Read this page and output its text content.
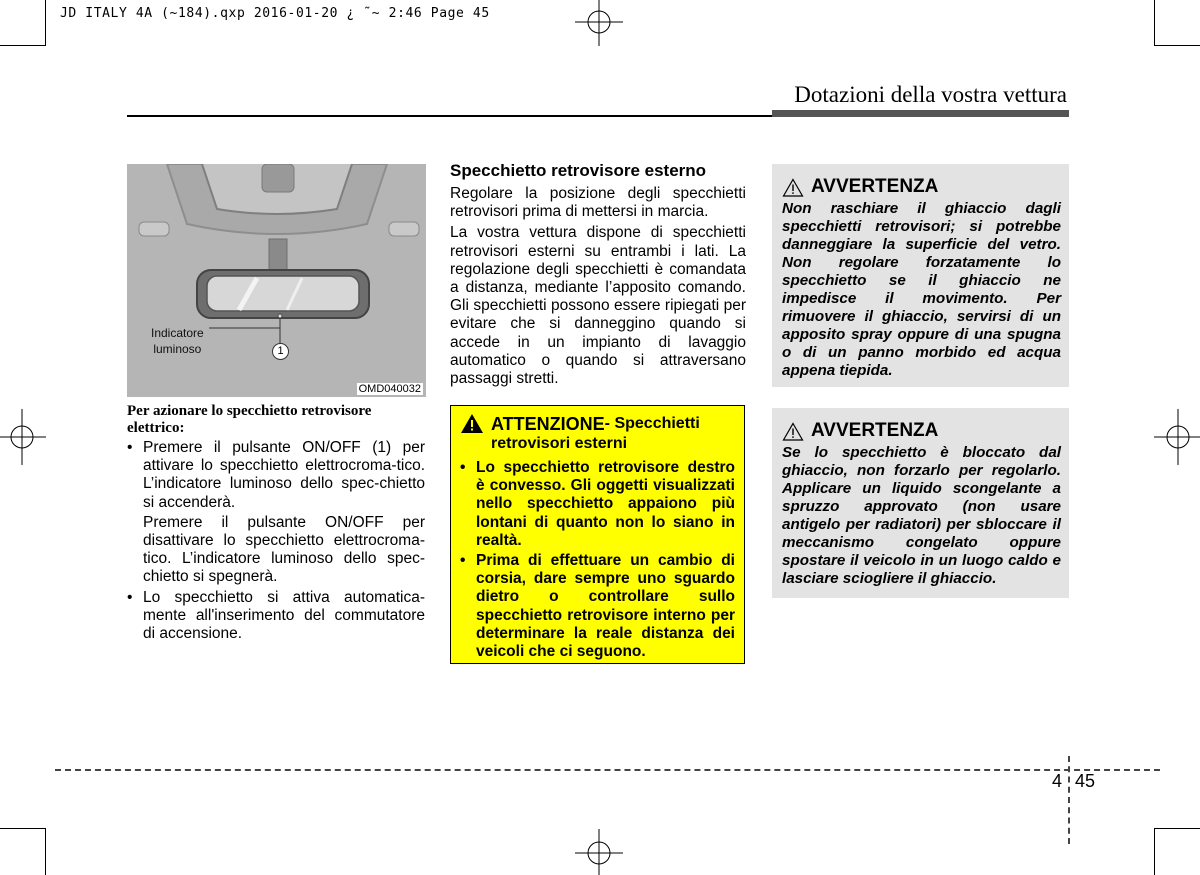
JD ITALY 4A (~184).qxp 2016-01-20 ¿ ˜~ 2:46 Page 45
Dotazioni della vostra vettura
Indicatore
luminoso	1
OMD040032
Per azionare lo specchietto retrovisore elettrico:
• Premere il pulsante ON/OFF (1) per attivare lo specchietto elettrocroma-tico. L’indicatore luminoso dello spec-chietto si accenderà.
Premere il pulsante ON/OFF per disattivare lo specchietto elettrocroma-tico. L’indicatore luminoso dello spec-chietto si spegnerà.
• Lo specchietto si attiva automatica-mente all'inserimento del commutatore di accensione.
Specchietto retrovisore esterno

Regolare la posizione degli specchietti retrovisori prima di mettersi in marcia.

La vostra vettura dispone di specchietti retrovisori esterni su entrambi i lati. La regolazione degli specchietti è comandata a distanza, mediante l’apposito comando. Gli specchietti possono essere ripiegati per evitare che si danneggino quando si accede in un impianto di lavaggio automatico o quando si attraversano passaggi stretti.

ATTENZIONE - Specchietti
retrovisori esterni
• Lo specchietto retrovisore destro è convesso. Gli oggetti visualizzati nello specchietto appaiono più lontani di quanto non lo siano in realtà.
• Prima di effettuare un cambio di corsia, dare sempre uno sguardo dietro o controllare sullo specchietto retrovisore interno per determinare la reale distanza dei veicoli che ci seguono.
AVVERTENZA
Non raschiare il ghiaccio dagli specchietti retrovisori; si potrebbe danneggiare la superficie del vetro. Non regolare forzatamente lo specchietto se il ghiaccio ne impedisce il movimento. Per rimuovere il ghiaccio, servirsi di un apposito spray oppure di una spugna o di un panno morbido ed acqua appena tiepida.
AVVERTENZA
Se lo specchietto è bloccato dal ghiaccio, non forzarlo per regolarlo. Applicare un liquido scongelante a spruzzo approvato (non usare antigelo per radiatori) per sbloccare il meccanismo congelato oppure spostare il veicolo in un luogo caldo e lasciare sciogliere il ghiaccio.
4 45
